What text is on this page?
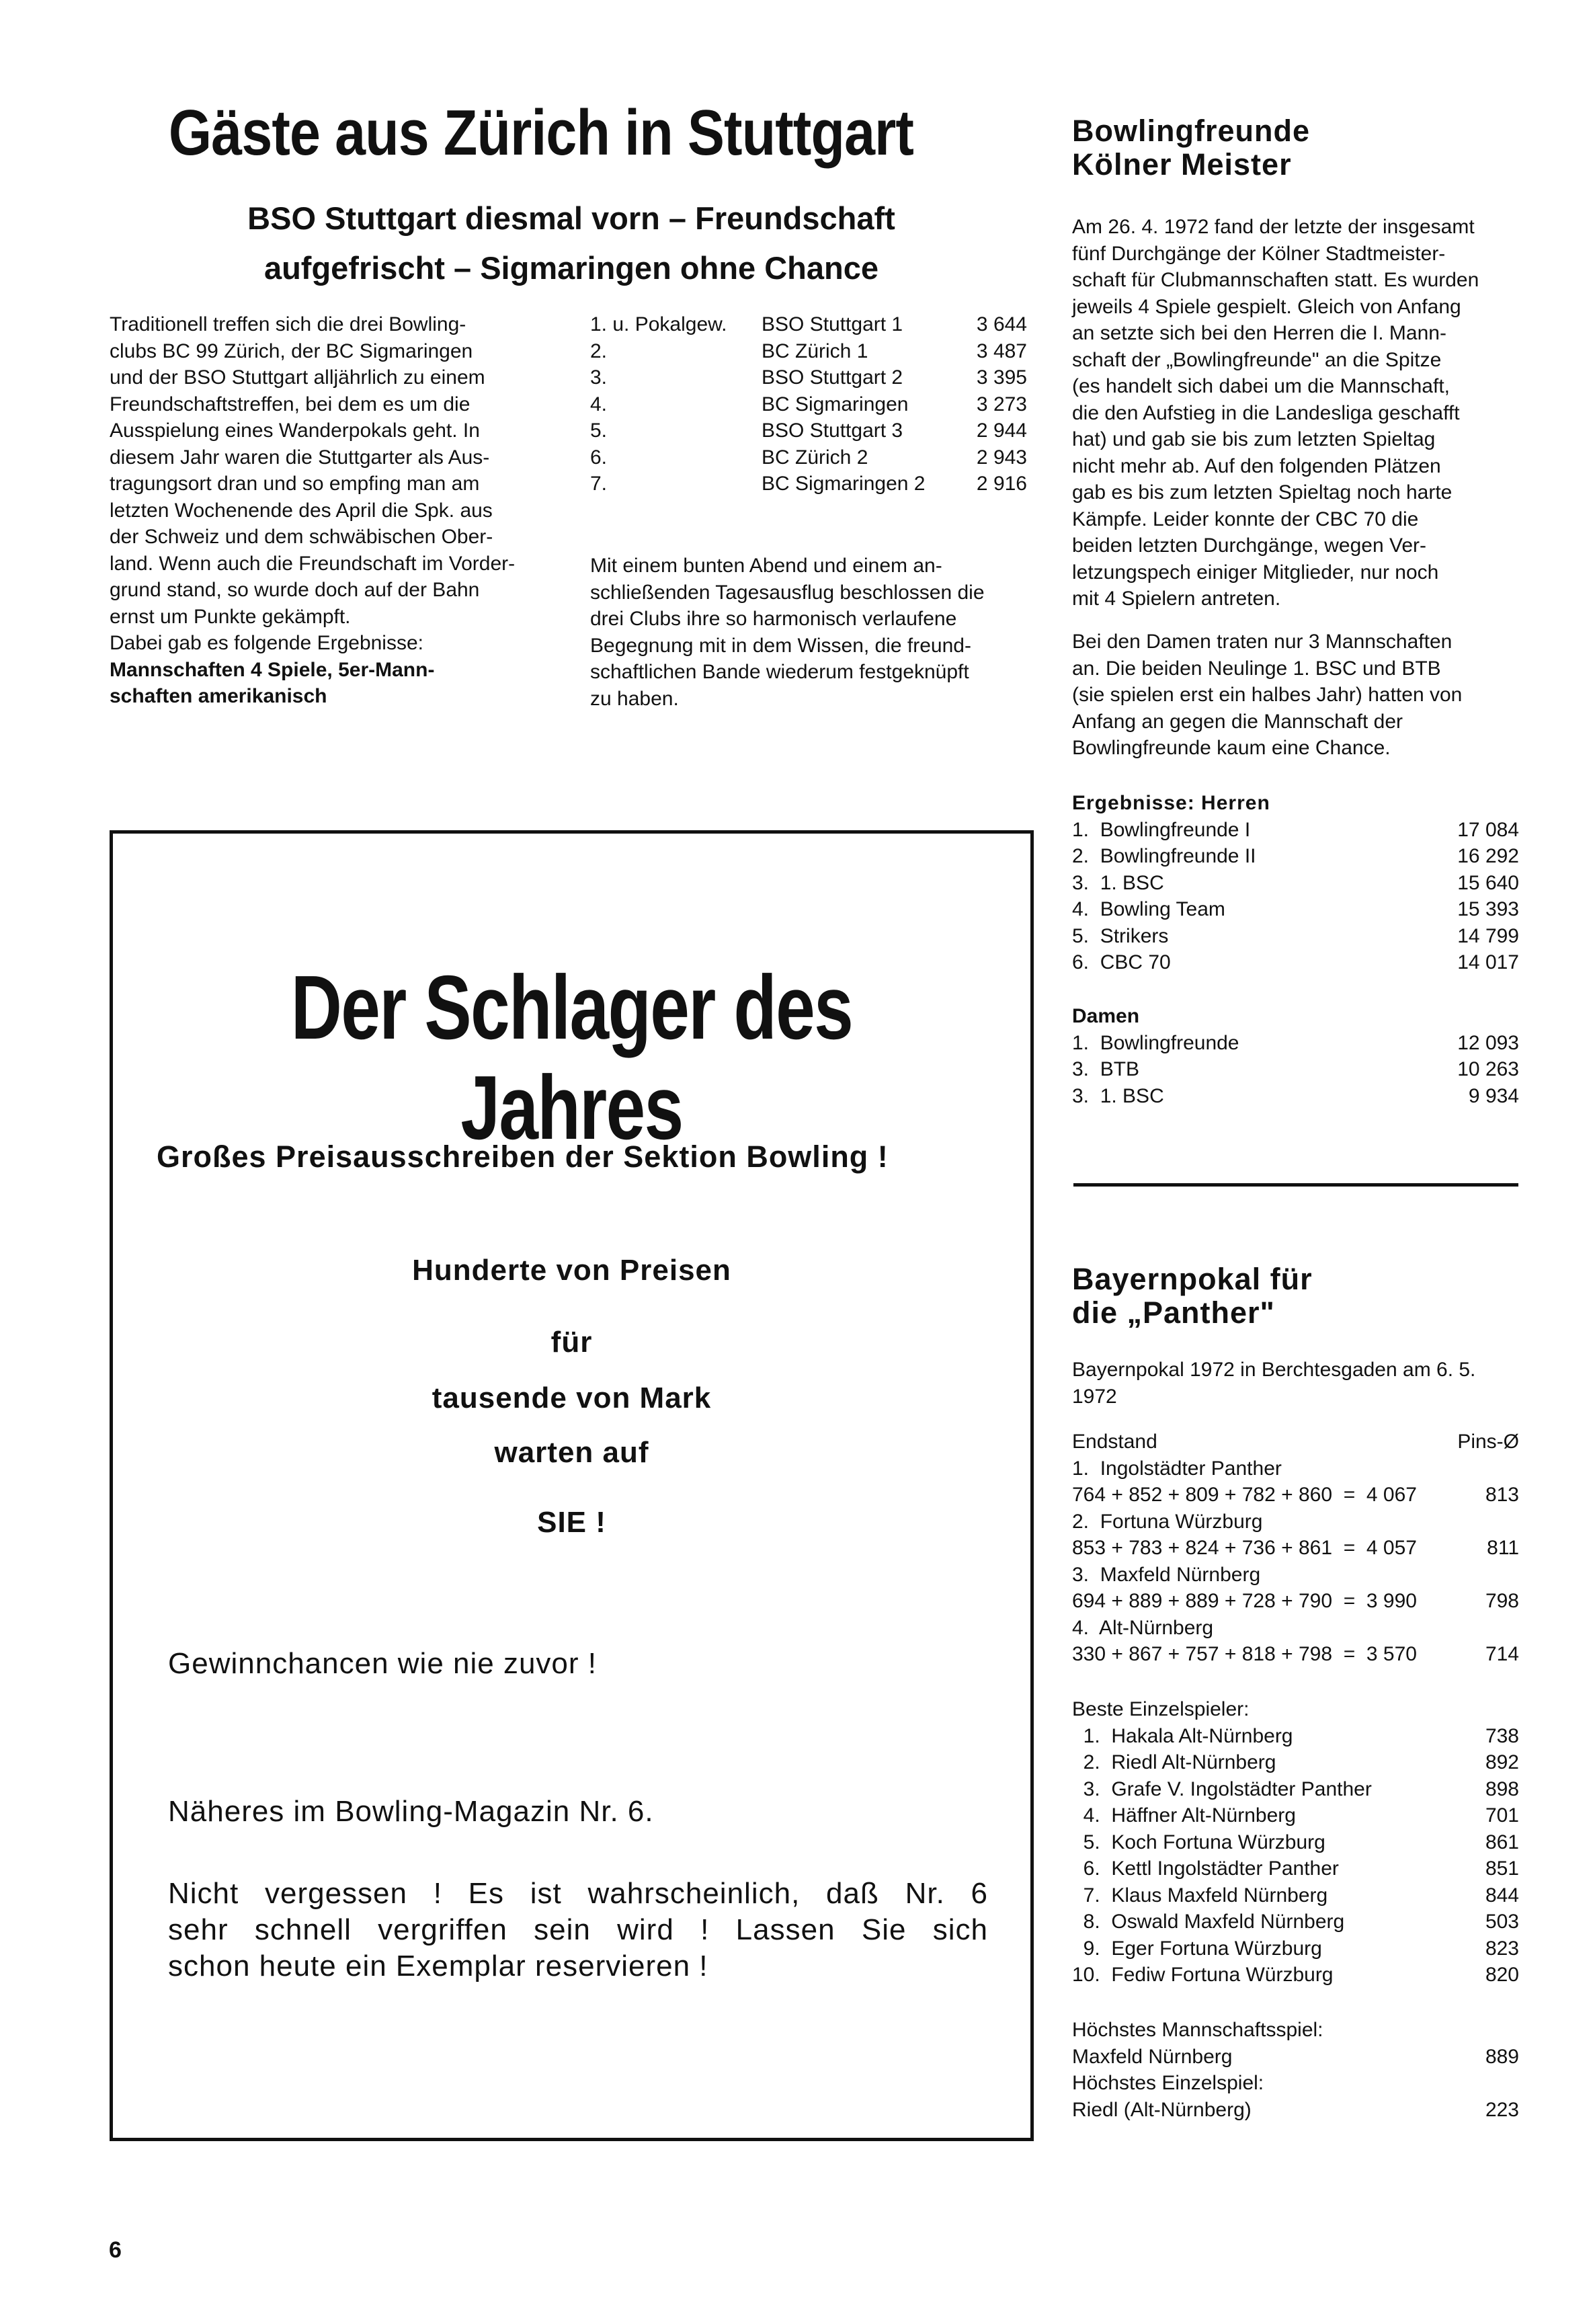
Gäste aus Zürich in Stuttgart
BSO Stuttgart diesmal vorn – Freundschaft
aufgefrischt – Sigmaringen ohne Chance

Traditionell treffen sich die drei Bowling-

clubs BC 99 Zürich, der BC Sigmaringen

und der BSO Stuttgart alljährlich zu einem

Freundschaftstreffen, bei dem es um die

Ausspielung eines Wanderpokals geht. In

diesem Jahr waren die Stuttgarter als Aus-

tragungsort dran und so empfing man am

letzten Wochenende des April die Spk. aus

der Schweiz und dem schwäbischen Ober-

land. Wenn auch die Freundschaft im Vorder-

grund stand, so wurde doch auf der Bahn

ernst um Punkte gekämpft.

Dabei gab es folgende Ergebnisse:

Mannschaften 4 Spiele, 5er-Mann-

schaften amerikanisch

1. u. Pokalgew.	BSO Stuttgart 1	3 644
2.	BC Zürich 1	3 487
3.	BSO Stuttgart 2	3 395
4.	BC Sigmaringen	3 273
5.	BSO Stuttgart 3	2 944
6.	BC Zürich 2	2 943
7.	BC Sigmaringen 2	2 916

Mit einem bunten Abend und einem an-

schließenden Tagesausflug beschlossen die

drei Clubs ihre so harmonisch verlaufene

Begegnung mit in dem Wissen, die freund-

schaftlichen Bande wiederum festgeknüpft

zu haben.

Bowlingfreunde
Kölner Meister

Am 26. 4. 1972 fand der letzte der insgesamt

fünf Durchgänge der Kölner Stadtmeister-

schaft für Clubmannschaften statt. Es wurden

jeweils 4 Spiele gespielt. Gleich von Anfang

an setzte sich bei den Herren die I. Mann-

schaft der „Bowlingfreunde" an die Spitze

(es handelt sich dabei um die Mannschaft,

die den Aufstieg in die Landesliga geschafft

hat) und gab sie bis zum letzten Spieltag

nicht mehr ab. Auf den folgenden Plätzen

gab es bis zum letzten Spieltag noch harte

Kämpfe. Leider konnte der CBC 70 die

beiden letzten Durchgänge, wegen Ver-

letzungspech einiger Mitglieder, nur noch

mit 4 Spielern antreten.

Bei den Damen traten nur 3 Mannschaften

an. Die beiden Neulinge 1. BSC und BTB

(sie spielen erst ein halbes Jahr) hatten von

Anfang an gegen die Mannschaft der

Bowlingfreunde kaum eine Chance.

Ergebnisse: Herren
1.  Bowlingfreunde I	17 084
2.  Bowlingfreunde II	16 292
3.  1. BSC	15 640
4.  Bowling Team	15 393
5.  Strikers	14 799
6.  CBC 70	14 017
Damen
1.  Bowlingfreunde	12 093
3.  BTB	10 263
3.  1. BSC	9 934
Bayernpokal für
die „Panther"
Bayernpokal 1972 in Berchtesgaden am 6. 5.
1972
Endstand	Pins-Ø
1.  Ingolstädter Panther
764 + 852 + 809 + 782 + 860  =  4 067	813
2.  Fortuna Würzburg
853 + 783 + 824 + 736 + 861  =  4 057	811
3.  Maxfeld Nürnberg
694 + 889 + 889 + 728 + 790  =  3 990	798
4.  Alt-Nürnberg
330 + 867 + 757 + 818 + 798  =  3 570	714
Beste Einzelspieler:
1.  Hakala Alt-Nürnberg	738
2.  Riedl Alt-Nürnberg	892
3.  Grafe V. Ingolstädter Panther	898
4.  Häffner Alt-Nürnberg	701
5.  Koch Fortuna Würzburg	861
6.  Kettl Ingolstädter Panther	851
7.  Klaus Maxfeld Nürnberg	844
8.  Oswald Maxfeld Nürnberg	503
9.  Eger Fortuna Würzburg	823
10.  Fediw Fortuna Würzburg	820
Höchstes Mannschaftsspiel:
Maxfeld Nürnberg	889
Höchstes Einzelspiel:
Riedl (Alt-Nürnberg)	223
Der Schlager des Jahres
Großes Preisausschreiben der Sektion Bowling !
Hunderte von Preisen
für
tausende von Mark
warten auf
SIE !
Gewinnchancen wie nie zuvor !
Näheres im Bowling-Magazin Nr. 6.
Nicht vergessen ! Es ist wahrscheinlich, daß Nr. 6
sehr schnell vergriffen sein wird ! Lassen Sie sich
schon heute ein Exemplar reservieren !
6
